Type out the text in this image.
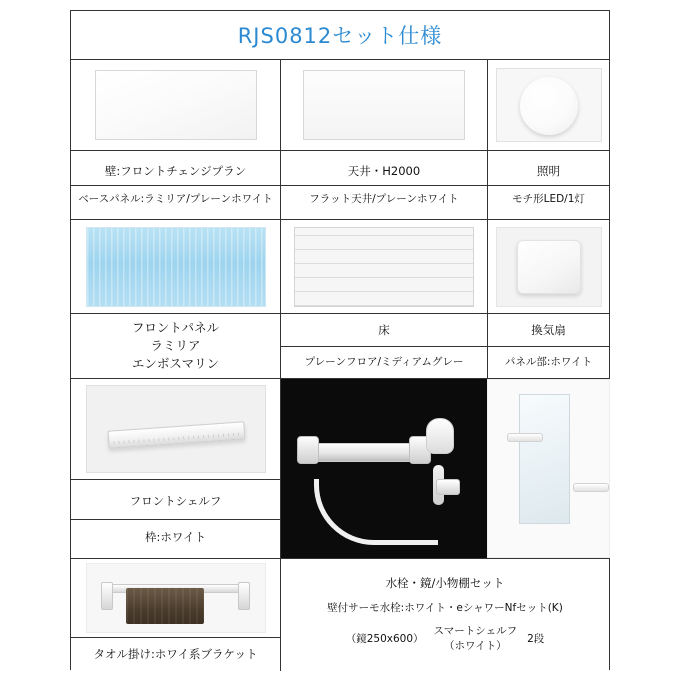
RJS0812セット仕様
壁:フロントチェンジプラン
ベースパネル:ラミリア/プレーンホワイト
天井・H2000
フラット天井/プレーンホワイト
照明
モチ形LED/1灯
フロントパネル
ラミリア
エンボスマリン
床
プレーンフロア/ミディアムグレー
換気扇
パネル部:ホワイト
フロントシェルフ
枠:ホワイト
タオル掛け:ホワイ系ブラケット
水栓・鏡/小物棚セット
壁付サーモ水栓:ホワイト・eシャワーNfセット(K)
（鏡250x600）
スマートシェルフ
（ホワイト）
2段
